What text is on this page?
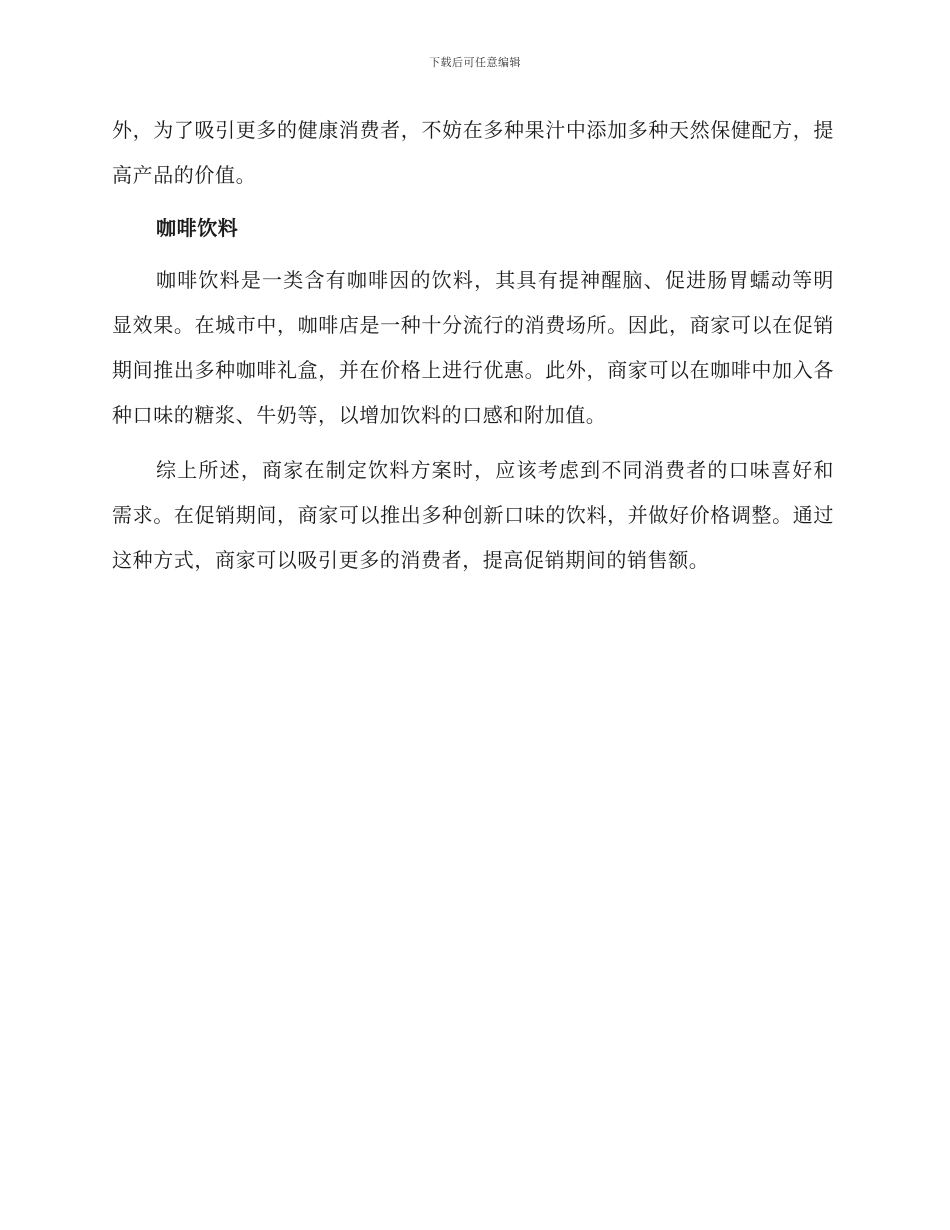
下载后可任意编辑

外，为了吸引更多的健康消费者，不妨在多种果汁中添加多种天然保健配方，提高产品的价值。

咖啡饮料

咖啡饮料是一类含有咖啡因的饮料，其具有提神醒脑、促进肠胃蠕动等明显效果。在城市中，咖啡店是一种十分流行的消费场所。因此，商家可以在促销期间推出多种咖啡礼盒，并在价格上进行优惠。此外，商家可以在咖啡中加入各种口味的糖浆、牛奶等，以增加饮料的口感和附加值。

综上所述，商家在制定饮料方案时，应该考虑到不同消费者的口味喜好和需求。在促销期间，商家可以推出多种创新口味的饮料，并做好价格调整。通过这种方式，商家可以吸引更多的消费者，提高促销期间的销售额。
